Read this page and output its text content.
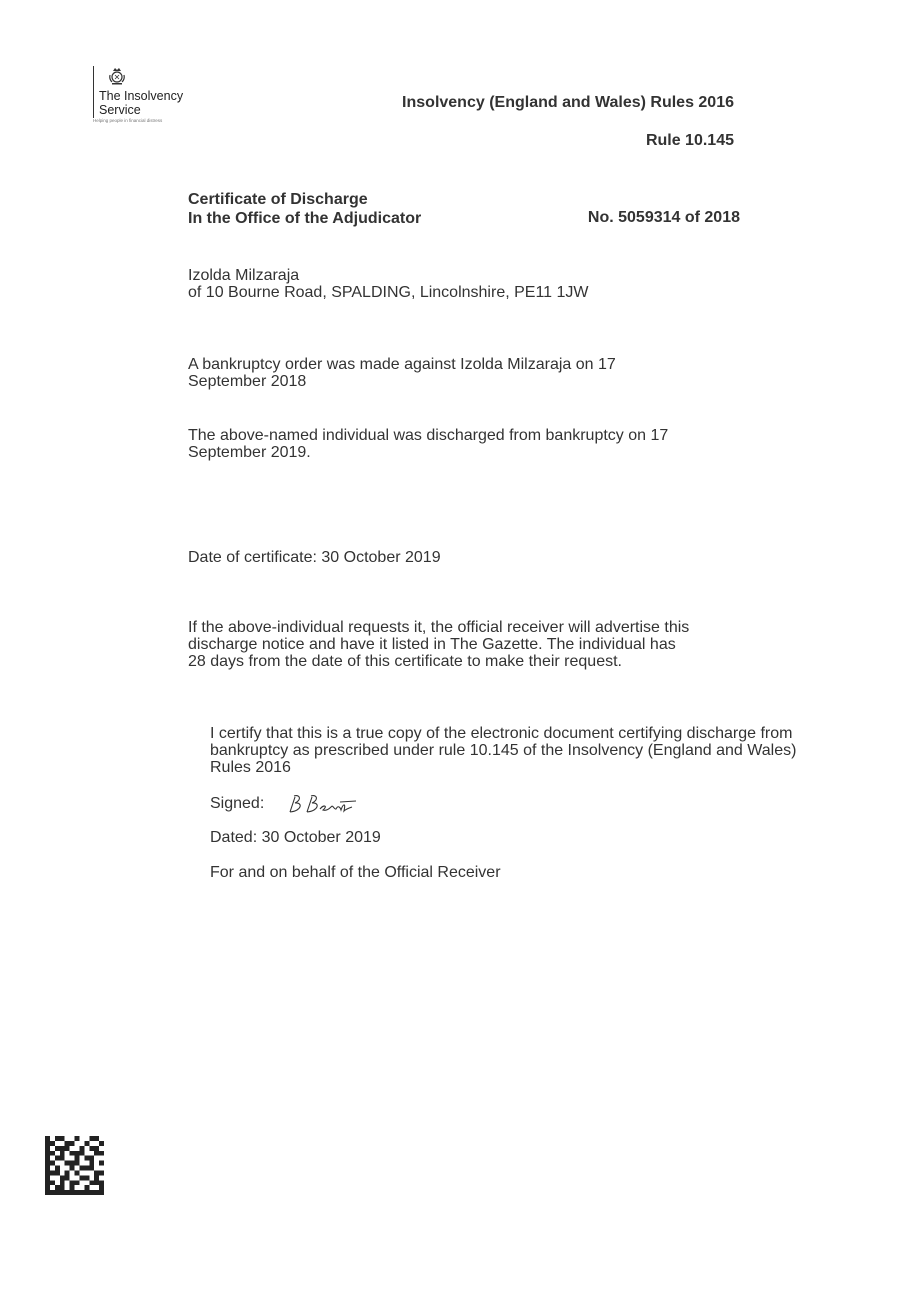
The Insolvency
Service
Helping people in financial distress
Insolvency (England and Wales) Rules 2016
Rule 10.145
Certificate of Discharge
In the Office of the Adjudicator	No. 5059314 of 2018
Izolda Milzaraja
of 10 Bourne Road, SPALDING, Lincolnshire, PE11 1JW
A bankruptcy order was made against Izolda Milzaraja on 17
September 2018
The above-named individual was discharged from bankruptcy on 17
September 2019.
Date of certificate: 30 October 2019
If the above-individual requests it, the official receiver will advertise this
discharge notice and have it listed in The Gazette. The individual has
28 days from the date of this certificate to make their request.
I certify that this is a true copy of the electronic document certifying discharge from
bankruptcy as prescribed under rule 10.145 of the Insolvency (England and Wales)
Rules 2016
Signed:
Dated: 30 October 2019
For and on behalf of the Official Receiver
